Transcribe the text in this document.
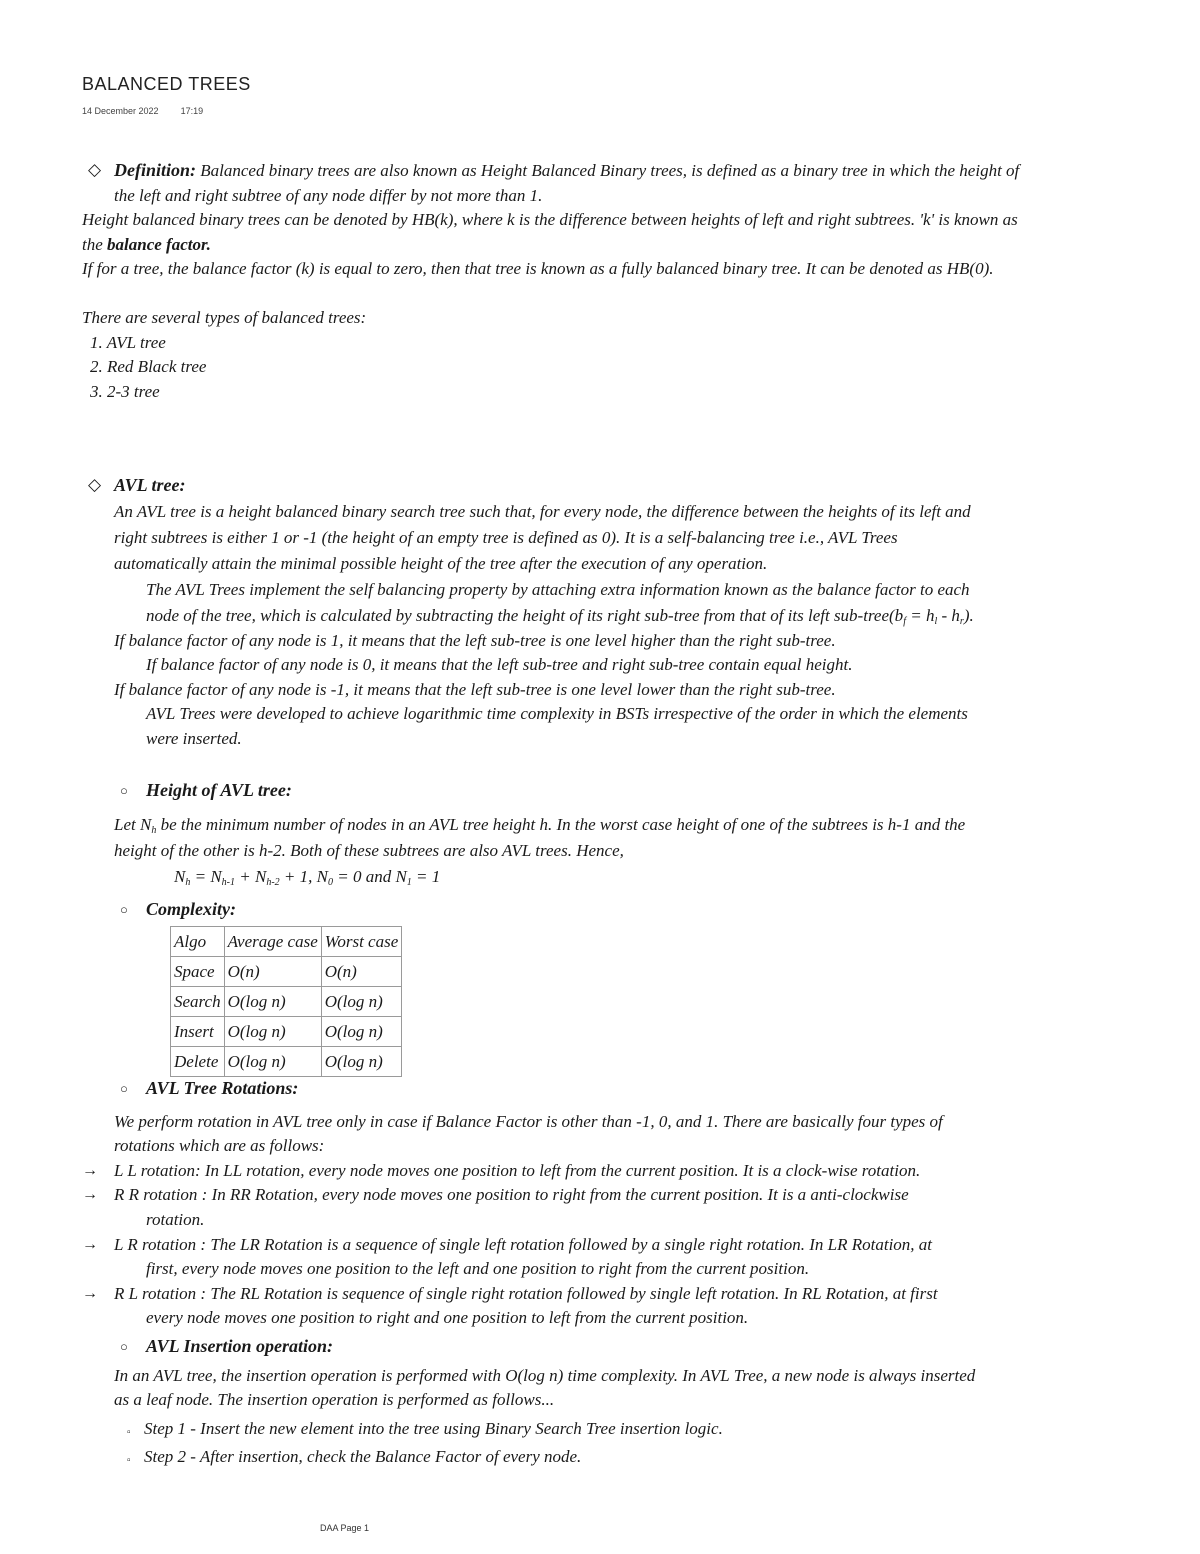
BALANCED TREES
14 December 2022 17:19
◇ Definition: Balanced binary trees are also known as Height Balanced Binary trees, is defined as a binary tree in which the height of
the left and right subtree of any node differ by not more than 1.
Height balanced binary trees can be denoted by HB(k), where k is the difference between heights of left and right subtrees. 'k' is known as
the balance factor.
If for a tree, the balance factor (k) is equal to zero, then that tree is known as a fully balanced binary tree. It can be denoted as HB(0).
There are several types of balanced trees:
1. AVL tree
2. Red Black tree
3. 2-3 tree
◇ AVL tree:
An AVL tree is a height balanced binary search tree such that, for every node, the difference between the heights of its left and
right subtrees is either 1 or -1 (the height of an empty tree is defined as 0). It is a self-balancing tree i.e., AVL Trees
automatically attain the minimal possible height of the tree after the execution of any operation.
The AVL Trees implement the self balancing property by attaching extra information known as the balance factor to each
node of the tree, which is calculated by subtracting the height of its right sub-tree from that of its left sub-$tree(b_f = h_l - h_r)$.
If balance factor of any node is 1, it means that the left sub-tree is one level higher than the right sub-tree.
If balance factor of any node is 0, it means that the left sub-tree and right sub-tree contain equal height.
If balance factor of any node is -1, it means that the left sub-tree is one level lower than the right sub-tree.
AVL Trees were developed to achieve logarithmic time complexity in BSTs irrespective of the order in which the elements
were inserted.
○	Height of AVL tree:
Let $N_h$ be the minimum number of nodes in an AVL tree height h. In the worst case height of one of the subtrees is h-1 and the
height of the other is h-2. Both of these subtrees are also AVL trees. Hence,
$N_h = N_{h-1} + N_{h-2} + 1$, $N_0 = 0$ and $N_1 = 1$
○	Complexity:
Algo	Average case	Worst case
Space	O(n)	O(n)
Search	O(log n)	O(log n)
Insert	O(log n)	O(log n)
Delete	O(log n)	O(log n)
○	AVL Tree Rotations:
We perform rotation in AVL tree only in case if Balance Factor is other than -1, 0, and 1. There are basically four types of
rotations which are as follows:
→ L L rotation: In LL rotation, every node moves one position to left from the current position. It is a clock-wise rotation.
→ R R rotation : In RR Rotation, every node moves one position to right from the current position. It is a anti-clockwise
rotation.
→ L R rotation : The LR Rotation is a sequence of single left rotation followed by a single right rotation. In LR Rotation, at
first, every node moves one position to the left and one position to right from the current position.
→ R L rotation : The RL Rotation is sequence of single right rotation followed by single left rotation. In RL Rotation, at first
every node moves one position to right and one position to left from the current position.
○	AVL Insertion operation:
In an AVL tree, the insertion operation is performed with O(log n) time complexity. In AVL Tree, a new node is always inserted
as a leaf node. The insertion operation is performed as follows...
▫ Step 1 - Insert the new element into the tree using Binary Search Tree insertion logic.
▫ Step 2 - After insertion, check the Balance Factor of every node.
DAA Page 1
